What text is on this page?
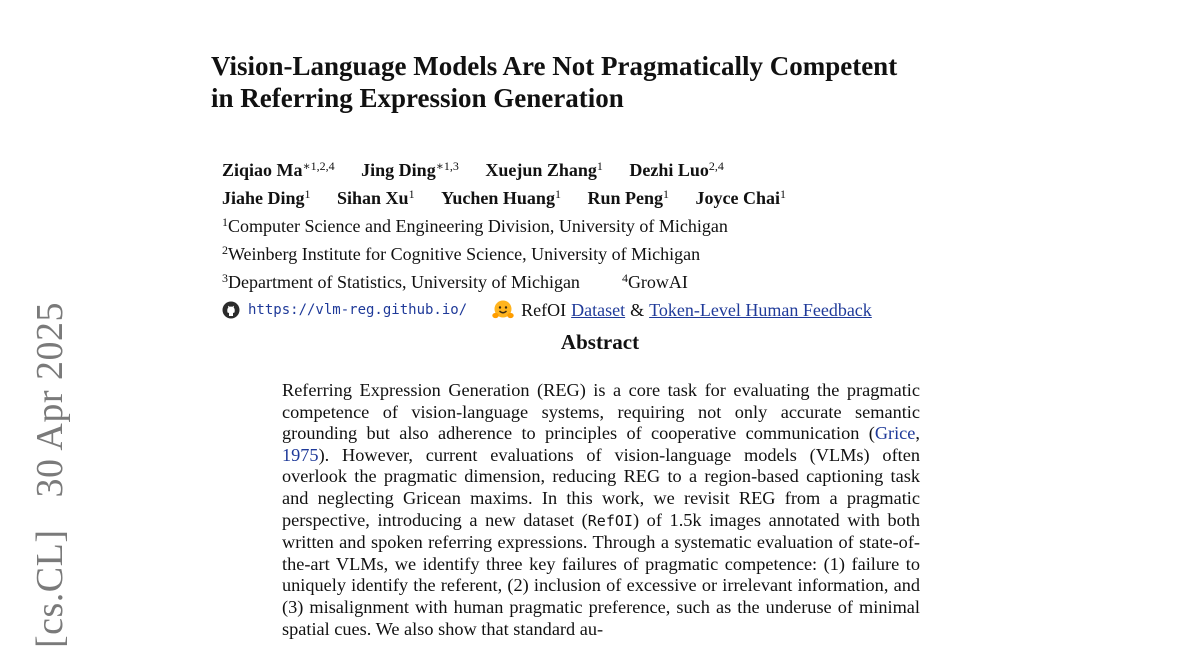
[cs.CL] 30 Apr 2025
Vision-Language Models Are Not Pragmatically Competent
in Referring Expression Generation
Ziqiao $Ma^{∗1,2,4}$ Jing Ding$^{∗1,3}$ Xuejun Zhang$^1$ Dezhi Luo$^{2,4}$
Jiahe Ding$^1$ Sihan Xu$^1$ Yuchen Huang$^1$ Run Peng$^1$ Joyce Chai$^1$
$^1$Computer Science and Engineering Division, University of Michigan
$^2$Weinberg Institute for Cognitive Science, University of Michigan
$^3$Department of Statistics, University of Michigan	$^4$GrowAI
https://vlm-reg.github.io/	RefOI Dataset & Token-Level Human Feedback
Abstract
Referring Expression Generation (REG) is a core task for evaluating the pragmatic competence of vision-language systems, requiring not only accurate semantic grounding but also adherence to principles of cooperative communication (Grice, 1975). However, current evaluations of vision-language models (VLMs) often overlook the pragmatic dimension, reducing REG to a region-based captioning task and neglecting Gricean maxims. In this work, we revisit REG from a pragmatic perspective, introducing a new dataset (RefOI) of 1.5k images annotated with both written and spoken referring expressions. Through a systematic evaluation of state-of-the-art VLMs, we identify three key failures of pragmatic competence: (1) failure to uniquely identify the referent, (2) inclusion of excessive or irrelevant information, and (3) misalignment with human pragmatic preference, such as the underuse of minimal spatial cues. We also show that standard au-
